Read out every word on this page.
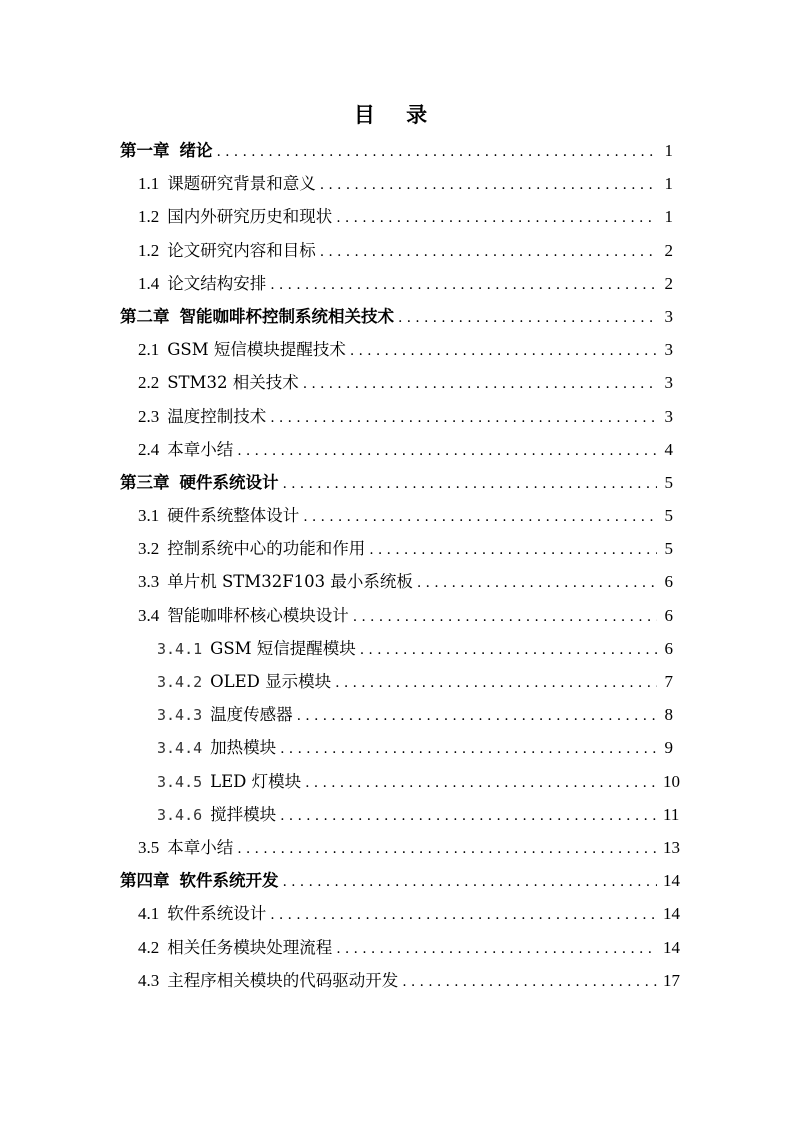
目 录
第一章 绪论 .....	1
1.1 课题研究背景和意义 .....	1
1.2 国内外研究历史和现状 .....	1
1.2 论文研究内容和目标 .....	2
1.4 论文结构安排 .....	2
第二章 智能咖啡杯控制系统相关技术 .....	3
2.1 GSM 短信模块提醒技术 .....	3
2.2 STM32 相关技术 .....	3
2.3 温度控制技术 .....	3
2.4 本章小结 .....	4
第三章 硬件系统设计 .....	5
3.1 硬件系统整体设计 .....	5
3.2 控制系统中心的功能和作用 .....	5
3.3 单片机 STM32F103 最小系统板 .....	6
3.4 智能咖啡杯核心模块设计 .....	6
3.4.1 GSM 短信提醒模块 .....	6
3.4.2 OLED 显示模块 .....	7
3.4.3 温度传感器 .....	8
3.4.4 加热模块 .....	9
3.4.5 LED 灯模块 .....	10
3.4.6 搅拌模块 .....	11
3.5 本章小结 .....	13
第四章 软件系统开发 .....	14
4.1 软件系统设计 .....	14
4.2 相关任务模块处理流程 .....	14
4.3 主程序相关模块的代码驱动开发 .....	17
